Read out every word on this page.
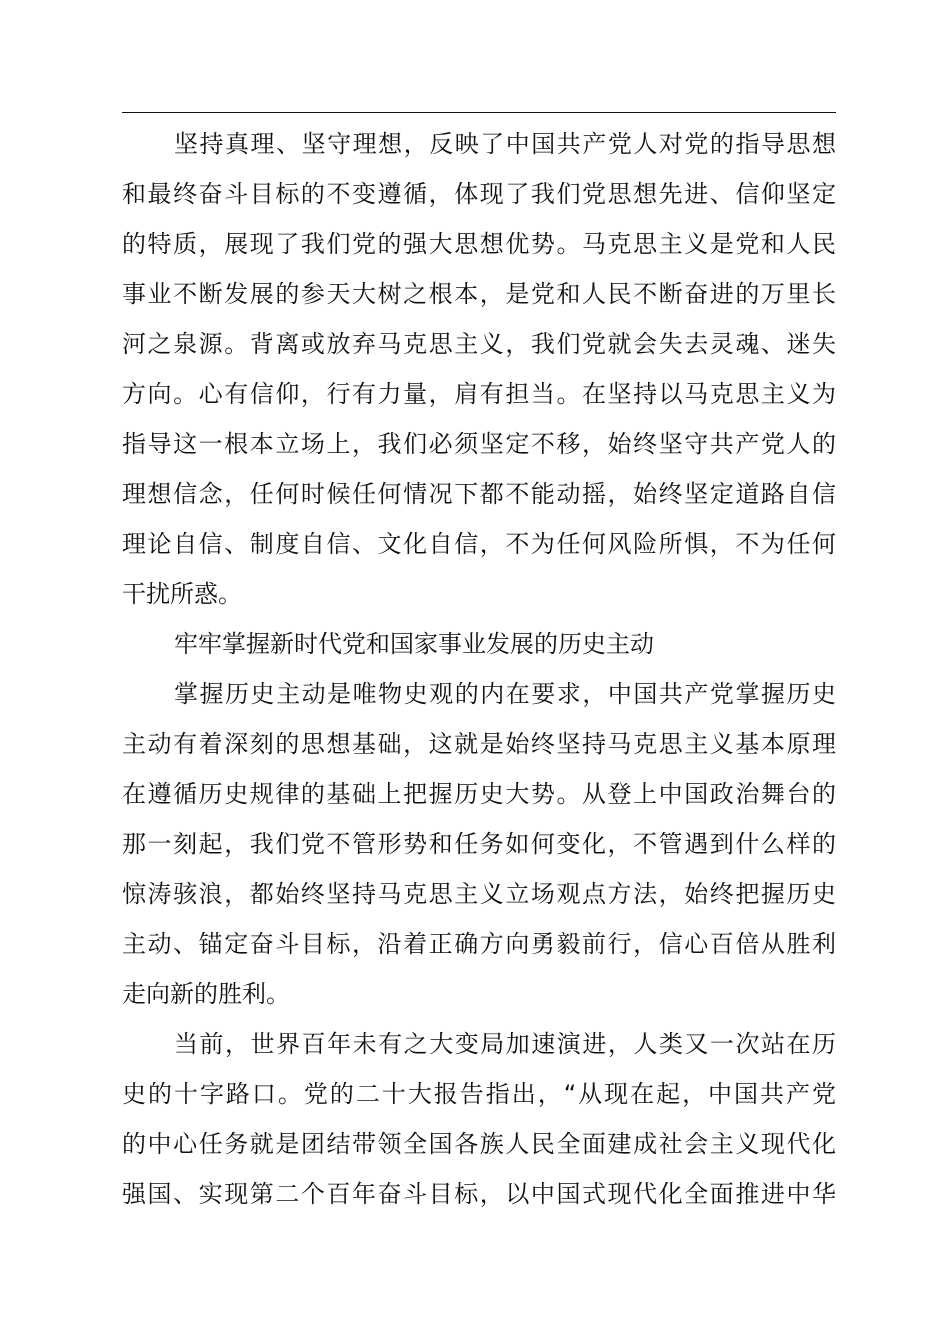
坚持真理、坚守理想，反映了中国共产党人对党的指导思想
和最终奋斗目标的不变遵循，体现了我们党思想先进、信仰坚定
的特质，展现了我们党的强大思想优势。马克思主义是党和人民
事业不断发展的参天大树之根本，是党和人民不断奋进的万里长
河之泉源。背离或放弃马克思主义，我们党就会失去灵魂、迷失
方向。心有信仰，行有力量，肩有担当。在坚持以马克思主义为
指导这一根本立场上，我们必须坚定不移，始终坚守共产党人的
理想信念，任何时候任何情况下都不能动摇，始终坚定道路自信
理论自信、制度自信、文化自信，不为任何风险所惧，不为任何
干扰所惑。
牢牢掌握新时代党和国家事业发展的历史主动
掌握历史主动是唯物史观的内在要求，中国共产党掌握历史
主动有着深刻的思想基础，这就是始终坚持马克思主义基本原理
在遵循历史规律的基础上把握历史大势。从登上中国政治舞台的
那一刻起，我们党不管形势和任务如何变化，不管遇到什么样的
惊涛骇浪，都始终坚持马克思主义立场观点方法，始终把握历史
主动、锚定奋斗目标，沿着正确方向勇毅前行，信心百倍从胜利
走向新的胜利。
当前，世界百年未有之大变局加速演进，人类又一次站在历
史的十字路口。党的二十大报告指出，“从现在起，中国共产党
的中心任务就是团结带领全国各族人民全面建成社会主义现代化
强国、实现第二个百年奋斗目标，以中国式现代化全面推进中华
